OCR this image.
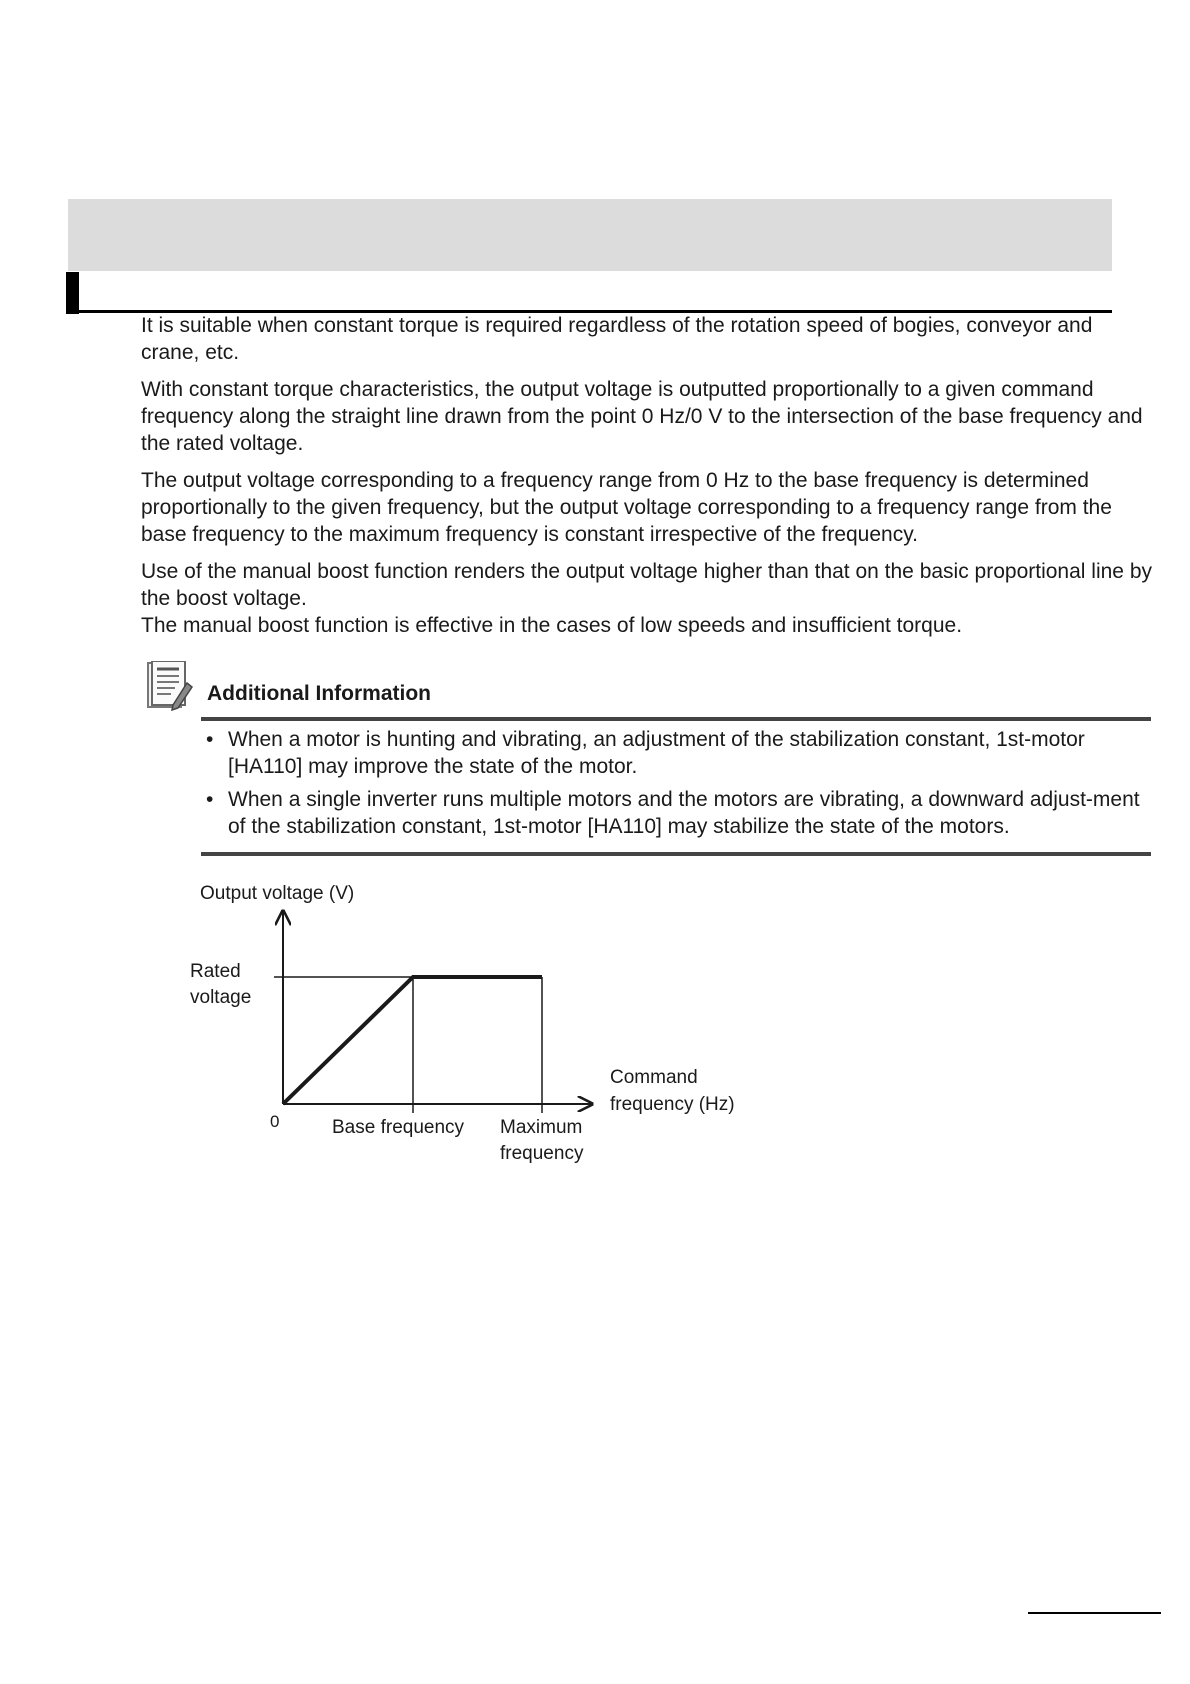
It is suitable when constant torque is required regardless of the rotation speed of bogies, conveyor and crane, etc.

With constant torque characteristics, the output voltage is outputted proportionally to a given command frequency along the straight line drawn from the point 0 Hz/0 V to the intersection of the base frequency and the rated voltage.

The output voltage corresponding to a frequency range from 0 Hz to the base frequency is determined proportionally to the given frequency, but the output voltage corresponding to a frequency range from the base frequency to the maximum frequency is constant irrespective of the frequency.

Use of the manual boost function renders the output voltage higher than that on the basic proportional line by the boost voltage.

The manual boost function is effective in the cases of low speeds and insufficient torque.

Additional Information
• When a motor is hunting and vibrating, an adjustment of the stabilization constant, 1st-motor [HA110] may improve the state of the motor.
• When a single inverter runs multiple motors and the motors are vibrating, a downward adjust-ment of the stabilization constant, 1st-motor [HA110] may stabilize the state of the motors.
Output voltage (V)
Rated
voltage
0	Base frequency Maximum
frequency
Command
frequency (Hz)
